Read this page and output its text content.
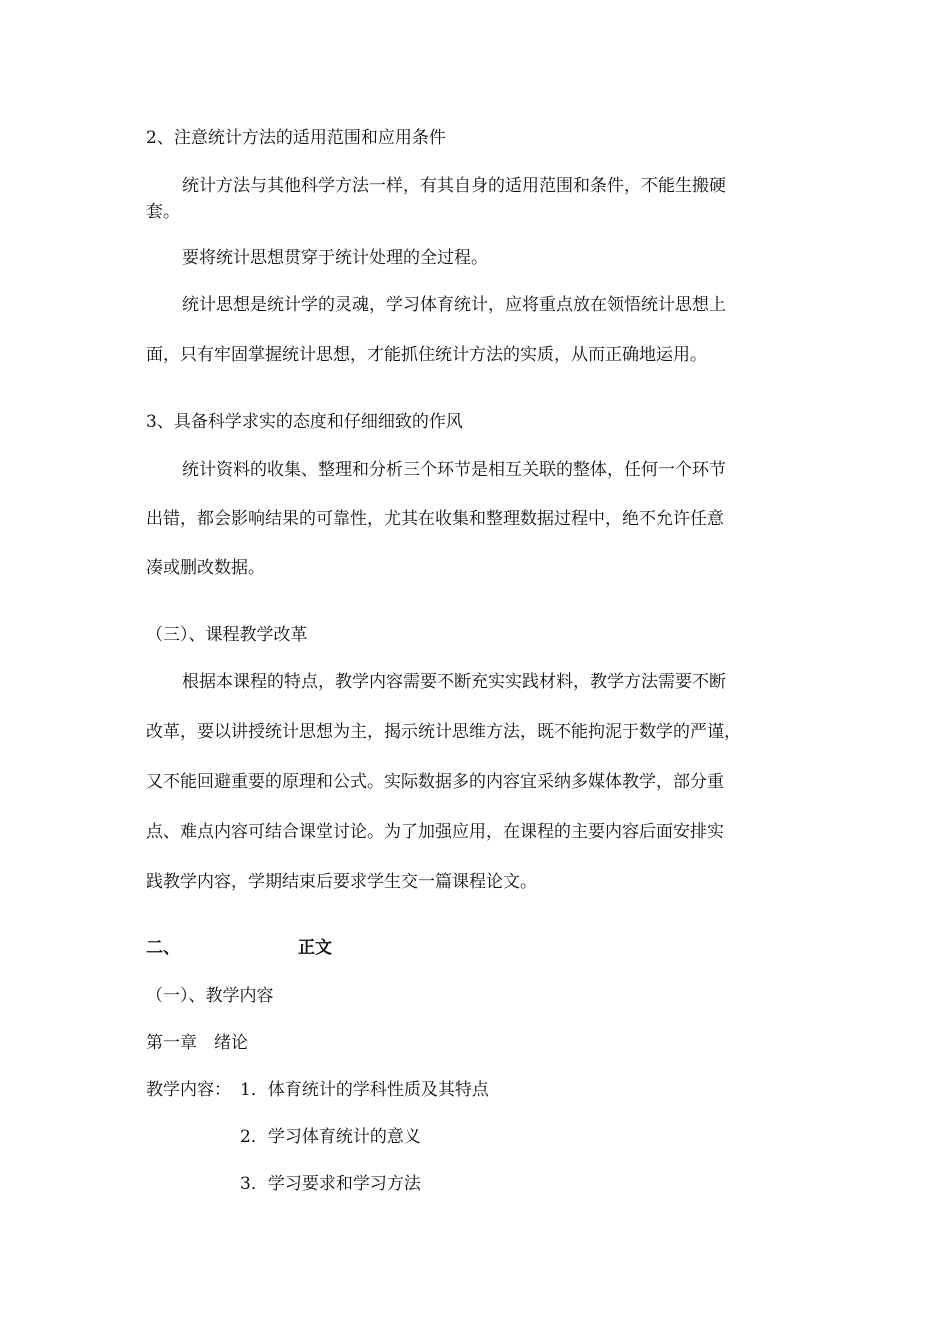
2、注意统计方法的适用范围和应用条件
统计方法与其他科学方法一样，有其自身的适用范围和条件，不能生搬硬
套。
要将统计思想贯穿于统计处理的全过程。
统计思想是统计学的灵魂，学习体育统计，应将重点放在领悟统计思想上
面，只有牢固掌握统计思想，才能抓住统计方法的实质，从而正确地运用。
3、具备科学求实的态度和仔细细致的作风
统计资料的收集、整理和分析三个环节是相互关联的整体，任何一个环节
出错，都会影响结果的可靠性，尤其在收集和整理数据过程中，绝不允许任意
凑或删改数据。
（三）、课程教学改革
根据本课程的特点，教学内容需要不断充实实践材料，教学方法需要不断
改革，要以讲授统计思想为主，揭示统计思维方法，既不能拘泥于数学的严谨，
又不能回避重要的原理和公式。实际数据多的内容宜采纳多媒体教学，部分重
点、难点内容可结合课堂讨论。为了加强应用，在课程的主要内容后面安排实
践教学内容，学期结束后要求学生交一篇课程论文。
二、	正文
（一）、教学内容
第一章　绪论
教学内容： 1．体育统计的学科性质及其特点
2．学习体育统计的意义
3．学习要求和学习方法
